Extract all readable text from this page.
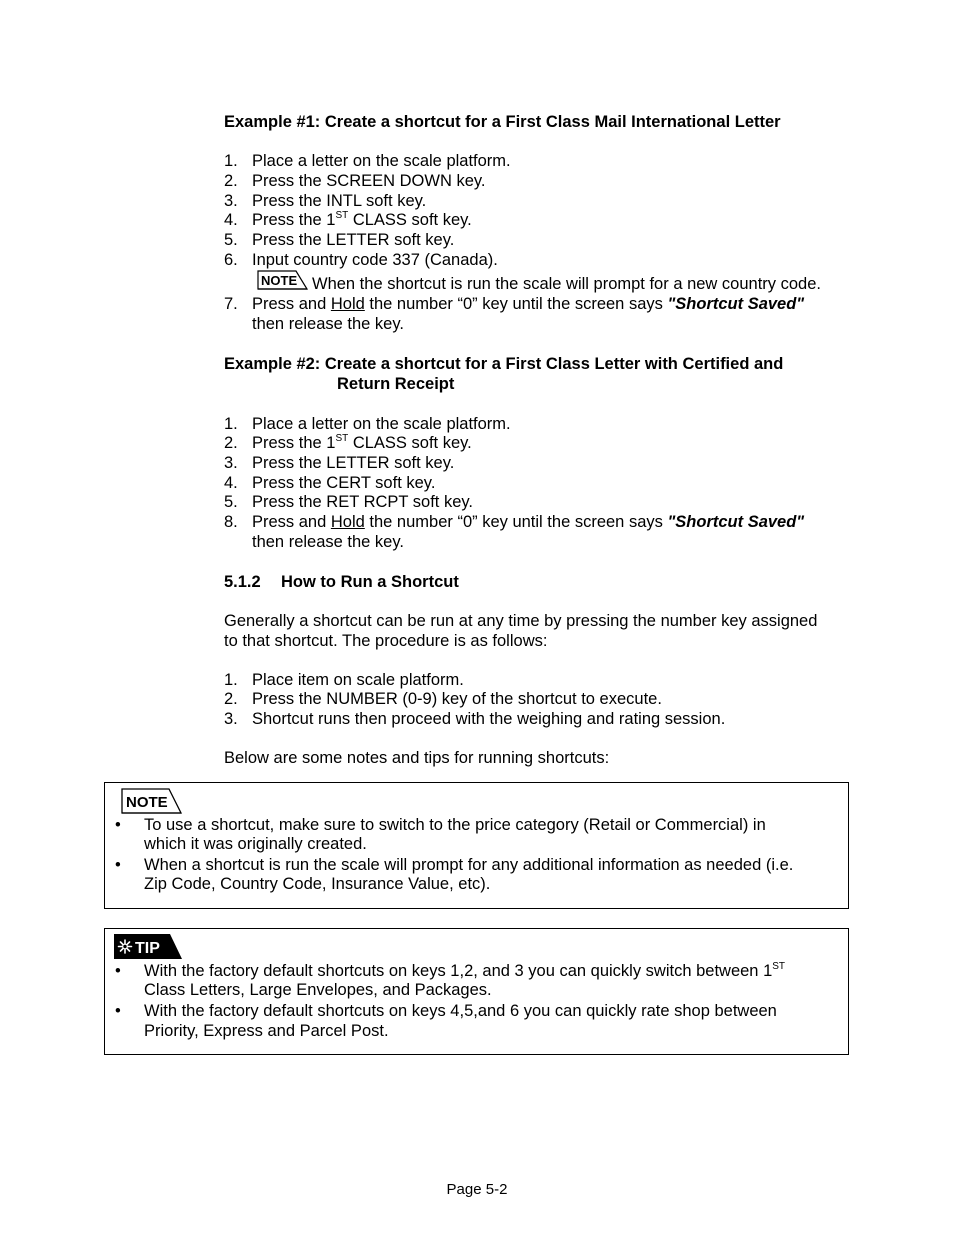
Example #1: Create a shortcut for a First Class Mail International Letter
1. Place a letter on the scale platform.
2. Press the SCREEN DOWN key.
3. Press the INTL soft key.
4. Press the 1ST CLASS soft key.
5. Press the LETTER soft key.
6. Input country code 337 (Canada).
NOTE When the shortcut is run the scale will prompt for a new country code.
7. Press and Hold the number “0” key until the screen says "Shortcut Saved"
then release the key.
Example #2: Create a shortcut for a First Class Letter with Certified and
Return Receipt
1. Place a letter on the scale platform.
2. Press the 1ST CLASS soft key.
3. Press the LETTER soft key.
4. Press the CERT soft key.
5. Press the RET RCPT soft key.
8. Press and Hold the number “0” key until the screen says "Shortcut Saved"
then release the key.
5.1.2 How to Run a Shortcut
Generally a shortcut can be run at any time by pressing the number key assigned
to that shortcut. The procedure is as follows:
1. Place item on scale platform.
2. Press the NUMBER (0-9) key of the shortcut to execute.
3. Shortcut runs then proceed with the weighing and rating session.
Below are some notes and tips for running shortcuts:
NOTE
• To use a shortcut, make sure to switch to the price category (Retail or Commercial) in
which it was originally created.
• When a shortcut is run the scale will prompt for any additional information as needed (i.e.
Zip Code, Country Code, Insurance Value, etc).
TIP
• With the factory default shortcuts on keys 1,2, and 3 you can quickly switch between 1ST
Class Letters, Large Envelopes, and Packages.
• With the factory default shortcuts on keys 4,5,and 6 you can quickly rate shop between
Priority, Express and Parcel Post.
Page 5-2
